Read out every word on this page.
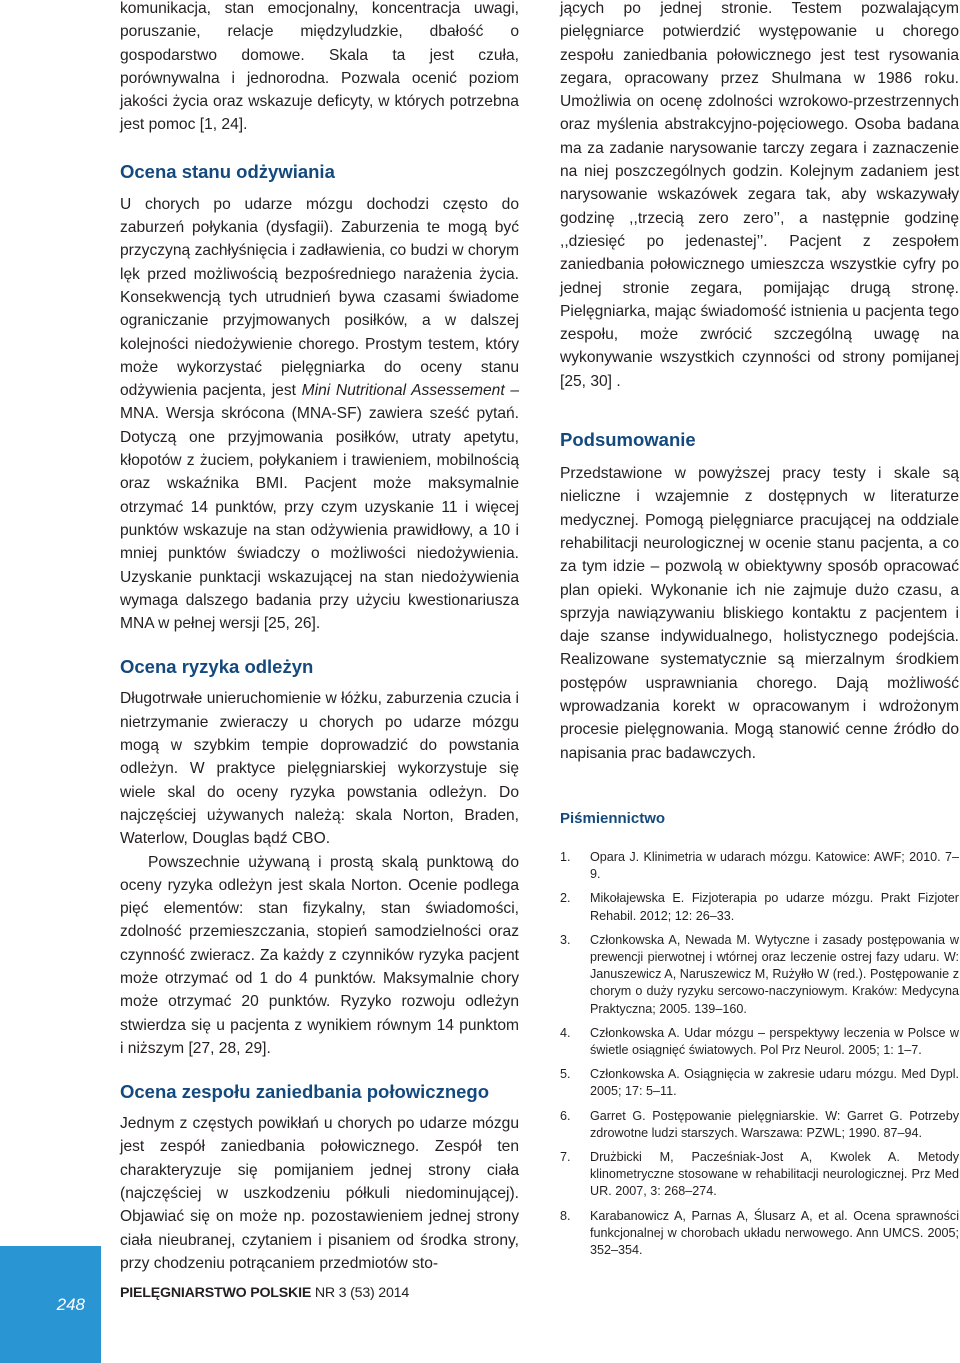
komunikacja, stan emocjonalny, koncentracja uwagi, poruszanie, relacje międzyludzkie, dbałość o gospodarstwo domowe. Skala ta jest czuła, porównywalna i jednorodna. Pozwala ocenić poziom jakości życia oraz wskazuje deficyty, w których potrzebna jest pomoc [1, 24].

Ocena stanu odżywiania

U chorych po udarze mózgu dochodzi często do zaburzeń połykania (dysfagii). Zaburzenia te mogą być przyczyną zachłyśnięcia i zadławienia, co budzi w chorym lęk przed możliwością bezpośredniego narażenia życia. Konsekwencją tych utrudnień bywa czasami świadome ograniczanie przyjmowanych posiłków, a w dalszej kolejności niedożywienie chorego. Prostym testem, który może wykorzystać pielęgniarka do oceny stanu odżywienia pacjenta, jest Mini Nutritional Assessement – MNA. Wersja skrócona (MNA-SF) zawiera sześć pytań. Dotyczą one przyjmowania posiłków, utraty apetytu, kłopotów z żuciem, połykaniem i trawieniem, mobilnością oraz wskaźnika BMI. Pacjent może maksymalnie otrzymać 14 punktów, przy czym uzyskanie 11 i więcej punktów wskazuje na stan odżywienia prawidłowy, a 10 i mniej punktów świadczy o możliwości niedożywienia. Uzyskanie punktacji wskazującej na stan niedożywienia wymaga dalszego badania przy użyciu kwestionariusza MNA w pełnej wersji [25, 26].

Ocena ryzyka odleżyn

Długotrwałe unieruchomienie w łóżku, zaburzenia czucia i nietrzymanie zwieraczy u chorych po udarze mózgu mogą w szybkim tempie doprowadzić do powstania odleżyn. W praktyce pielęgniarskiej wykorzystuje się wiele skal do oceny ryzyka powstania odleżyn. Do najczęściej używanych należą: skala Norton, Braden, Waterlow, Douglas bądź CBO.

Powszechnie używaną i prostą skalą punktową do oceny ryzyka odleżyn jest skala Norton. Ocenie podlega pięć elementów: stan fizykalny, stan świadomości, zdolność przemieszczania, stopień samodzielności oraz czynność zwieracz. Za każdy z czynników ryzyka pacjent może otrzymać od 1 do 4 punktów. Maksymalnie chory może otrzymać 20 punktów. Ryzyko rozwoju odleżyn stwierdza się u pacjenta z wynikiem równym 14 punktom i niższym [27, 28, 29].

Ocena zespołu zaniedbania połowicznego

Jednym z częstych powikłań u chorych po udarze mózgu jest zespół zaniedbania połowicznego. Zespół ten charakteryzuje się pomijaniem jednej strony ciała (najczęściej w uszkodzeniu półkuli niedominującej). Objawiać się on może np. pozostawieniem jednej strony ciała nieubranej, czytaniem i pisaniem od środka strony, przy chodzeniu potrącaniem przedmiotów sto-

jących po jednej stronie. Testem pozwalającym pielęgniarce potwierdzić występowanie u chorego zespołu zaniedbania połowicznego jest test rysowania zegara, opracowany przez Shulmana w 1986 roku. Umożliwia on ocenę zdolności wzrokowo-przestrzennych oraz myślenia abstrakcyjno-pojęciowego. Osoba badana ma za zadanie narysowanie tarczy zegara i zaznaczenie na niej poszczególnych godzin. Kolejnym zadaniem jest narysowanie wskazówek zegara tak, aby wskazywały godzinę ,,trzecią zero zero’’, a następnie godzinę ,,dziesięć po jedenastej’’. Pacjent z zespołem zaniedbania połowicznego umieszcza wszystkie cyfry po jednej stronie zegara, pomijając drugą stronę. Pielęgniarka, mając świadomość istnienia u pacjenta tego zespołu, może zwrócić szczególną uwagę na wykonywanie wszystkich czynności od strony pomijanej [25, 30] .

Podsumowanie

Przedstawione w powyższej pracy testy i skale są nieliczne i wzajemnie z dostępnych w literaturze medycznej. Pomogą pielęgniarce pracującej na oddziale rehabilitacji neurologicznej w ocenie stanu pacjenta, a co za tym idzie – pozwolą w obiektywny sposób opracować plan opieki. Wykonanie ich nie zajmuje dużo czasu, a sprzyja nawiązywaniu bliskiego kontaktu z pacjentem i daje szanse indywidualnego, holistycznego podejścia. Realizowane systematycznie są mierzalnym środkiem postępów usprawniania chorego. Dają możliwość wprowadzania korekt w opracowanym i wdrożonym procesie pielęgnowania. Mogą stanowić cenne źródło do napisania prac badawczych.

Piśmiennictwo
1.	Opara J. Klinimetria w udarach mózgu. Katowice: AWF; 2010. 7–9.
2.	Mikołajewska E. Fizjoterapia po udarze mózgu. Prakt Fizjoter Rehabil. 2012; 12: 26–33.
3.	Członkowska A, Newada M. Wytyczne i zasady postępowania w prewencji pierwotnej i wtórnej oraz leczenie ostrej fazy udaru. W: Januszewicz A, Naruszewicz M, Rużyłło W (red.). Postępowanie z chorym o duży ryzyku sercowo-naczyniowym. Kraków: Medycyna Praktyczna; 2005. 139–160.
4.	Członkowska A. Udar mózgu – perspektywy leczenia w Polsce w świetle osiągnięć światowych. Pol Prz Neurol. 2005; 1: 1–7.
5.	Członkowska A. Osiągnięcia w zakresie udaru mózgu. Med Dypl. 2005; 17: 5–11.
6.	Garret G. Postępowanie pielęgniarskie. W: Garret G. Potrzeby zdrowotne ludzi starszych. Warszawa: PZWL; 1990. 87–94.
7.	Drużbicki M, Pacześniak-Jost A, Kwolek A. Metody klinometryczne stosowane w rehabilitacji neurologicznej. Prz Med UR. 2007, 3: 268–274.
8.	Karabanowicz A, Parnas A, Ślusarz A, et al. Ocena sprawności funkcjonalnej w chorobach układu nerwowego. Ann UMCS. 2005; 352–354.
248
PIELĘGNIARSTWO POLSKIE NR 3 (53) 2014
